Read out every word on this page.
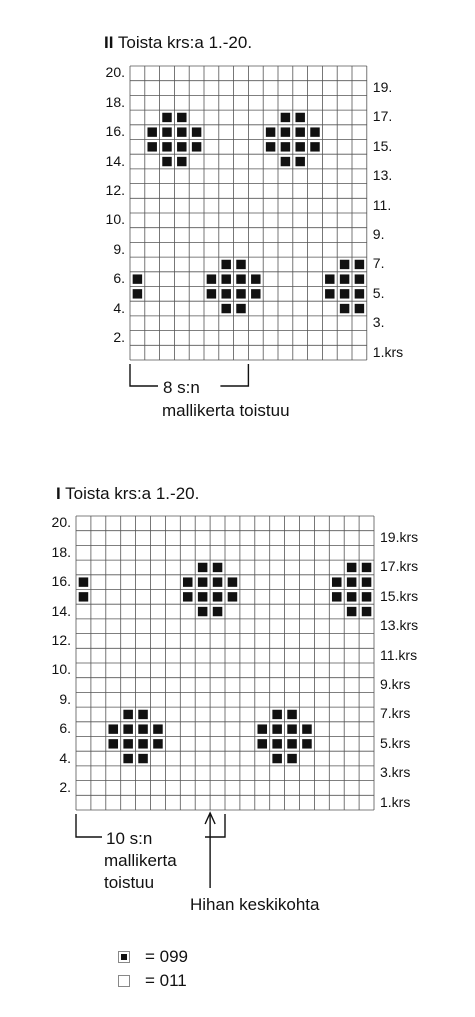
II Toista krs:a 1.-20.
20.
18.
16.
14.
12.
10.
9.
6.
4.
2.
19.
17.
15.
13.
11.
9.
7.
5.
3.
1.krs
8 s:n
mallikerta toistuu
I Toista krs:a 1.-20.
20.
18.
16.
14.
12.
10.
9.
6.
4.
2.
19.krs
17.krs
15.krs
13.krs
11.krs
9.krs
7.krs
5.krs
3.krs
1.krs
10 s:n
mallikerta
toistuu
Hihan keskikohta
= 099
= 011
